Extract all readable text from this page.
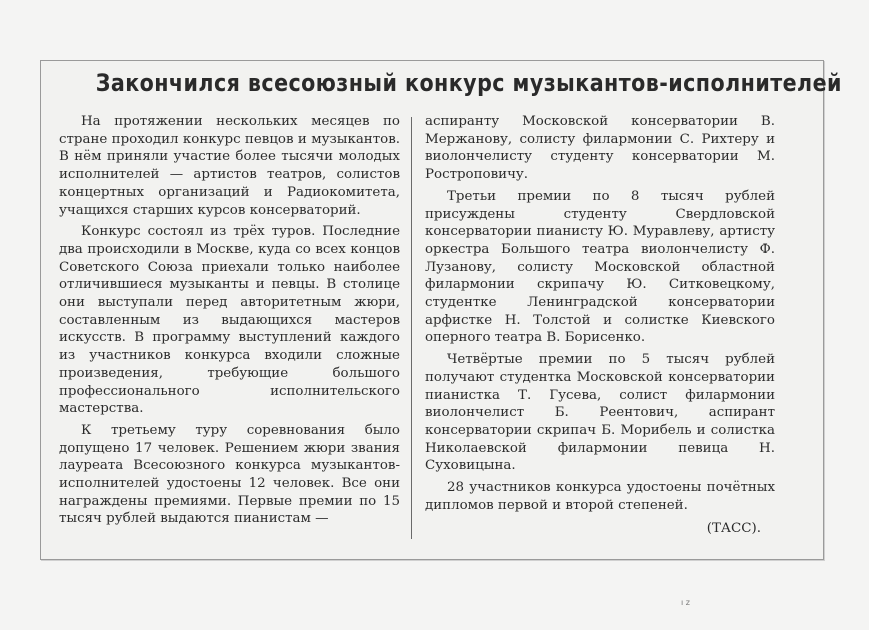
Закончился всесоюзный конкурс музыкантов-исполнителей

На протяжении нескольких месяцев по стране проходил конкурс певцов и музыкантов. В нём приняли участие более тысячи молодых исполнителей — артистов театров, солистов концертных организаций и Радиокомитета, учащихся старших курсов консерваторий.

Конкурс состоял из трёх туров. Последние два происходили в Москве, куда со всех концов Советского Союза приехали только наиболее отличившиеся музыканты и певцы. В столице они выступали перед авторитетным жюри, составленным из выдающихся мастеров искусств. В программу выступлений каждого из участников конкурса входили сложные произведения, требующие большого профессионального исполнительского мастерства.

К третьему туру соревнования было допущено 17 человек. Решением жюри звания лауреата Всесоюзного конкурса музыкантов-исполнителей удостоены 12 человек. Все они награждены премиями. Первые премии по 15 тысяч рублей выдаются пианистам —

аспиранту Московской консерватории В. Мержанову, солисту филармонии С. Рихтеру и виолончелисту студенту консерватории М. Ростроповичу.

Третьи премии по 8 тысяч рублей присуждены студенту Свердловской консерватории пианисту Ю. Муравлеву, артисту оркестра Большого театра виолончелисту Ф. Лузанову, солисту Московской областной филармонии скрипачу Ю. Ситковецкому, студентке Ленинградской консерватории арфистке Н. Толстой и солистке Киевского оперного театра В. Борисенко.

Четвёртые премии по 5 тысяч рублей получают студентка Московской консерватории пианистка Т. Гусева, солист филармонии виолончелист Б. Реентович, аспирант консерватории скрипач Б. Морибель и солистка Николаевской филармонии певица Н. Суховицына.

28 участников конкурса удостоены почётных дипломов первой и второй степеней.

(ТАСС).

ı z
